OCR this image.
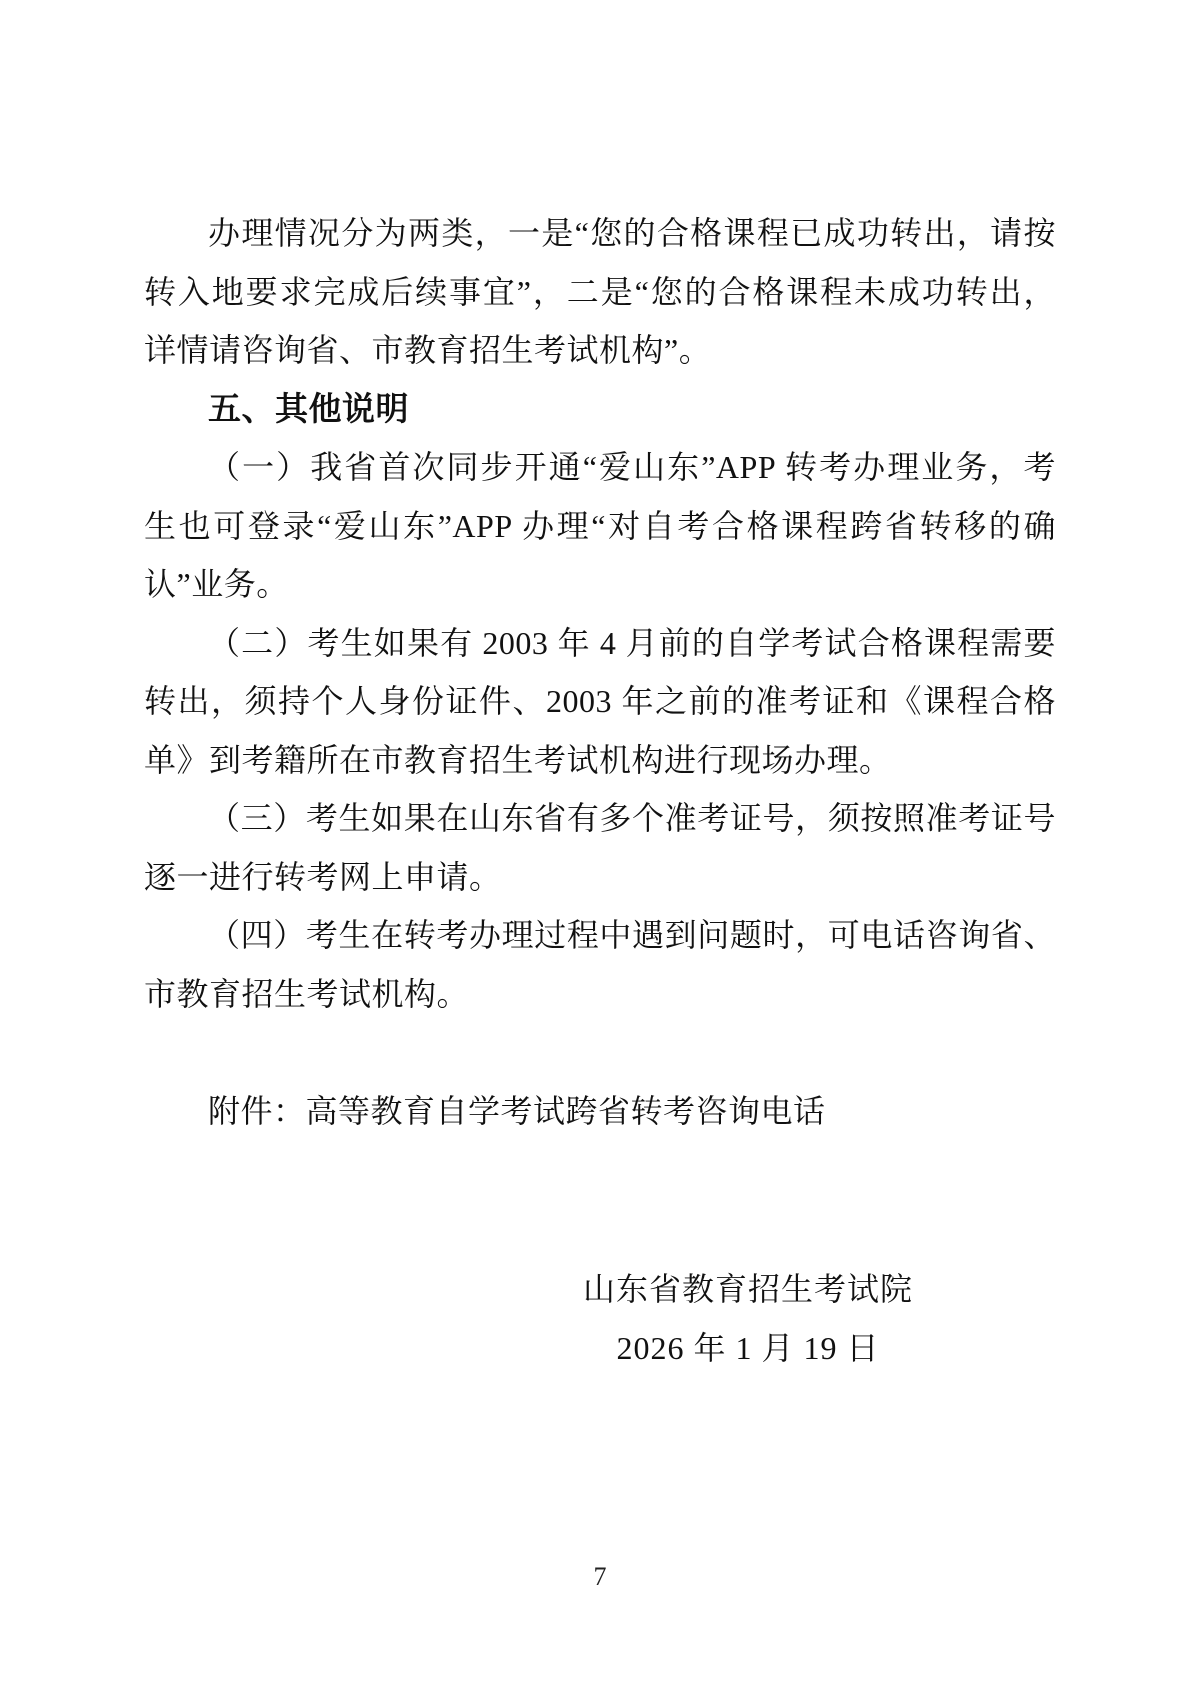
办理情况分为两类，一是“您的合格课程已成功转出，请按
转入地要求完成后续事宜”，二是“您的合格课程未成功转出，
详情请咨询省、市教育招生考试机构”。
五、其他说明
（一）我省首次同步开通“爱山东”APP 转考办理业务，考
生也可登录“爱山东”APP 办理“对自考合格课程跨省转移的确
认”业务。
（二）考生如果有 2003 年 4 月前的自学考试合格课程需要
转出，须持个人身份证件、2003 年之前的准考证和《课程合格
单》到考籍所在市教育招生考试机构进行现场办理。
（三）考生如果在山东省有多个准考证号，须按照准考证号
逐一进行转考网上申请。
（四）考生在转考办理过程中遇到问题时，可电话咨询省、
市教育招生考试机构。
附件：高等教育自学考试跨省转考咨询电话
山东省教育招生考试院
2026 年 1 月 19 日
7
